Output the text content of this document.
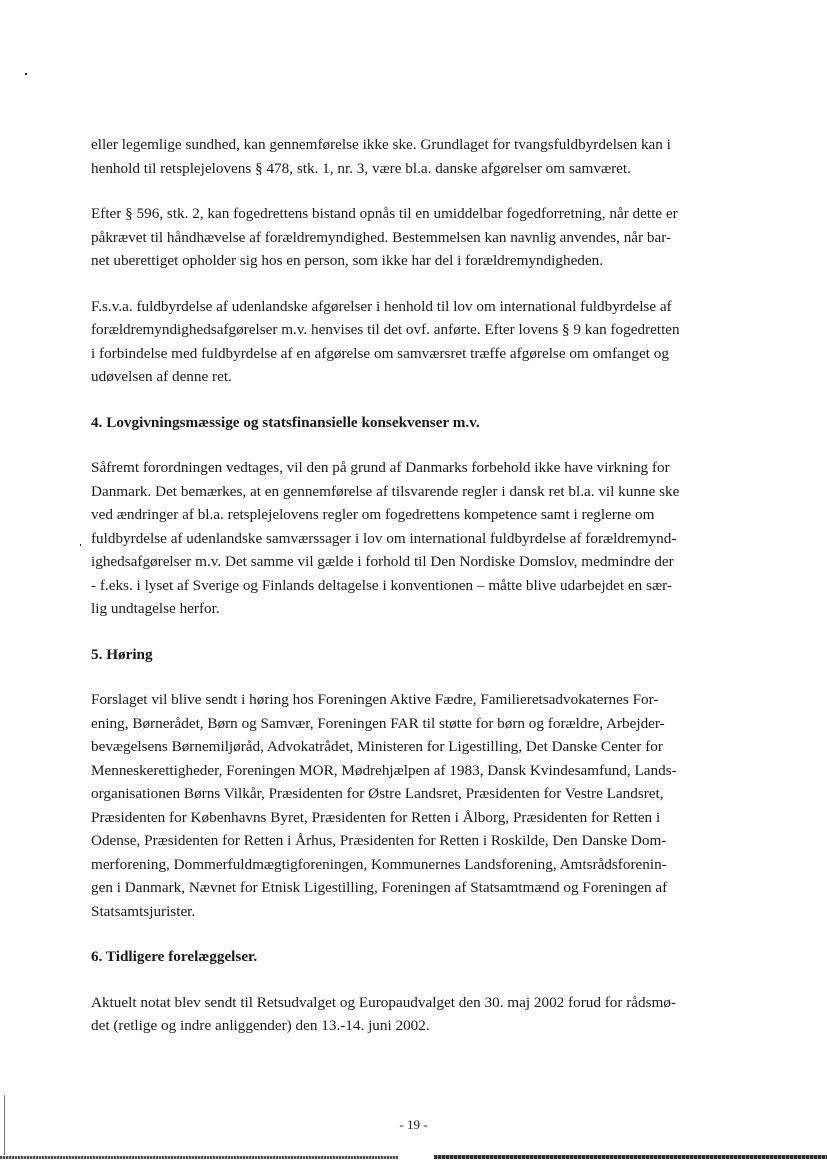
eller legemlige sundhed, kan gennemførelse ikke ske. Grundlaget for tvangsfuldbyrdelsen kan i
henhold til retsplejelovens § 478, stk. 1, nr. 3, være bl.a. danske afgørelser om samværet.

Efter § 596, stk. 2, kan fogedrettens bistand opnås til en umiddelbar fogedforretning, når dette er
påkrævet til håndhævelse af forældremyndighed. Bestemmelsen kan navnlig anvendes, når bar-
net uberettiget opholder sig hos en person, som ikke har del i forældremyndigheden.

F.s.v.a. fuldbyrdelse af udenlandske afgørelser i henhold til lov om international fuldbyrdelse af
forældremyndighedsafgørelser m.v. henvises til det ovf. anførte. Efter lovens § 9 kan fogedretten
i forbindelse med fuldbyrdelse af en afgørelse om samværsret træffe afgørelse om omfanget og
udøvelsen af denne ret.

4. Lovgivningsmæssige og statsfinansielle konsekvenser m.v.

Såfremt forordningen vedtages, vil den på grund af Danmarks forbehold ikke have virkning for
Danmark. Det bemærkes, at en gennemførelse af tilsvarende regler i dansk ret bl.a. vil kunne ske
ved ændringer af bl.a. retsplejelovens regler om fogedrettens kompetence samt i reglerne om
fuldbyrdelse af udenlandske samværssager i lov om international fuldbyrdelse af forældremynd-
ighedsafgørelser m.v. Det samme vil gælde i forhold til Den Nordiske Domslov, medmindre der
- f.eks. i lyset af Sverige og Finlands deltagelse i konventionen – måtte blive udarbejdet en sær-
lig undtagelse herfor.

5. Høring

Forslaget vil blive sendt i høring hos Foreningen Aktive Fædre, Familieretsadvokaternes For-
ening, Børnerådet, Børn og Samvær, Foreningen FAR til støtte for børn og forældre, Arbejder-
bevægelsens Børnemiljøråd, Advokatrådet, Ministeren for Ligestilling, Det Danske Center for
Menneskerettigheder, Foreningen MOR, Mødrehjælpen af 1983, Dansk Kvindesamfund, Lands-
organisationen Børns Vilkår, Præsidenten for Østre Landsret, Præsidenten for Vestre Landsret,
Præsidenten for Københavns Byret, Præsidenten for Retten i Ålborg, Præsidenten for Retten i
Odense, Præsidenten for Retten i Århus, Præsidenten for Retten i Roskilde, Den Danske Dom-
merforening, Dommerfuldmægtigforeningen, Kommunernes Landsforening, Amtsrådsforenin-
gen i Danmark, Nævnet for Etnisk Ligestilling, Foreningen af Statsamtmænd og Foreningen af
Statsamtsjurister.

6. Tidligere forelæggelser.

Aktuelt notat blev sendt til Retsudvalget og Europaudvalget den 30. maj 2002 forud for rådsmø-
det (retlige og indre anliggender) den 13.-14. juni 2002.

- 19 -
